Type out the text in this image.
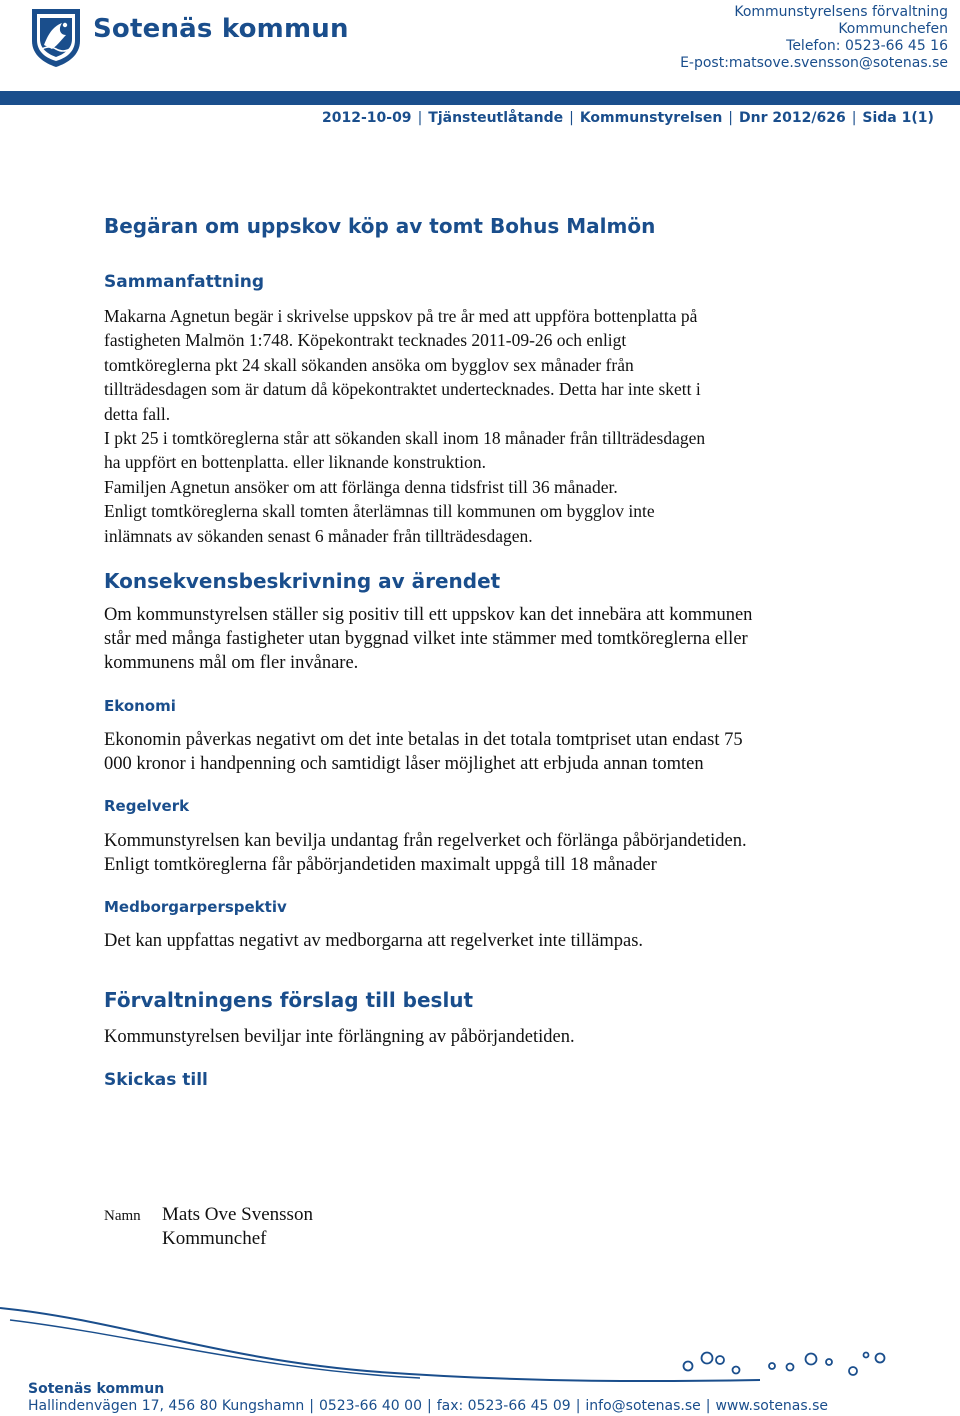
Sotenäs kommun
Kommunstyrelsens förvaltning
Kommunchefen
Telefon: 0523-66 45 16
E-post:matsove.svensson@sotenas.se
2012-10-09 | Tjänsteutlåtande | Kommunstyrelsen | Dnr 2012/626 | Sida 1(1)
Begäran om uppskov köp av tomt Bohus Malmön
Sammanfattning
Makarna Agnetun begär i skrivelse uppskov på tre år med att uppföra bottenplatta på
fastigheten Malmön 1:748. Köpekontrakt tecknades 2011-09-26 och enligt
tomtköreglerna pkt 24 skall sökanden ansöka om bygglov sex månader från
tillträdesdagen som är datum då köpekontraktet undertecknades. Detta har inte skett i
detta fall.
I pkt 25 i tomtköreglerna står att sökanden skall inom 18 månader från tillträdesdagen
ha uppfört en bottenplatta. eller liknande konstruktion.
Familjen Agnetun ansöker om att förlänga denna tidsfrist till 36 månader.
Enligt tomtköreglerna skall tomten återlämnas till kommunen om bygglov inte
inlämnats av sökanden senast 6 månader från tillträdesdagen.
Konsekvensbeskrivning av ärendet
Om kommunstyrelsen ställer sig positiv till ett uppskov kan det innebära att kommunen
står med många fastigheter utan byggnad vilket inte stämmer med tomtköreglerna eller
kommunens mål om fler invånare.
Ekonomi
Ekonomin påverkas negativt om det inte betalas in det totala tomtpriset utan endast 75
000 kronor i handpenning och samtidigt låser möjlighet att erbjuda annan tomten
Regelverk
Kommunstyrelsen kan bevilja undantag från regelverket och förlänga påbörjandetiden.
Enligt tomtköreglerna får påbörjandetiden maximalt uppgå till 18 månader
Medborgarperspektiv
Det kan uppfattas negativt av medborgarna att regelverket inte tillämpas.
Förvaltningens förslag till beslut
Kommunstyrelsen beviljar inte förlängning av påbörjandetiden.
Skickas till
Namn Mats Ove Svensson
Kommunchef
Sotenäs kommun
Hallindenvägen 17, 456 80 Kungshamn | 0523-66 40 00 | fax: 0523-66 45 09 | info@sotenas.se | www.sotenas.se
